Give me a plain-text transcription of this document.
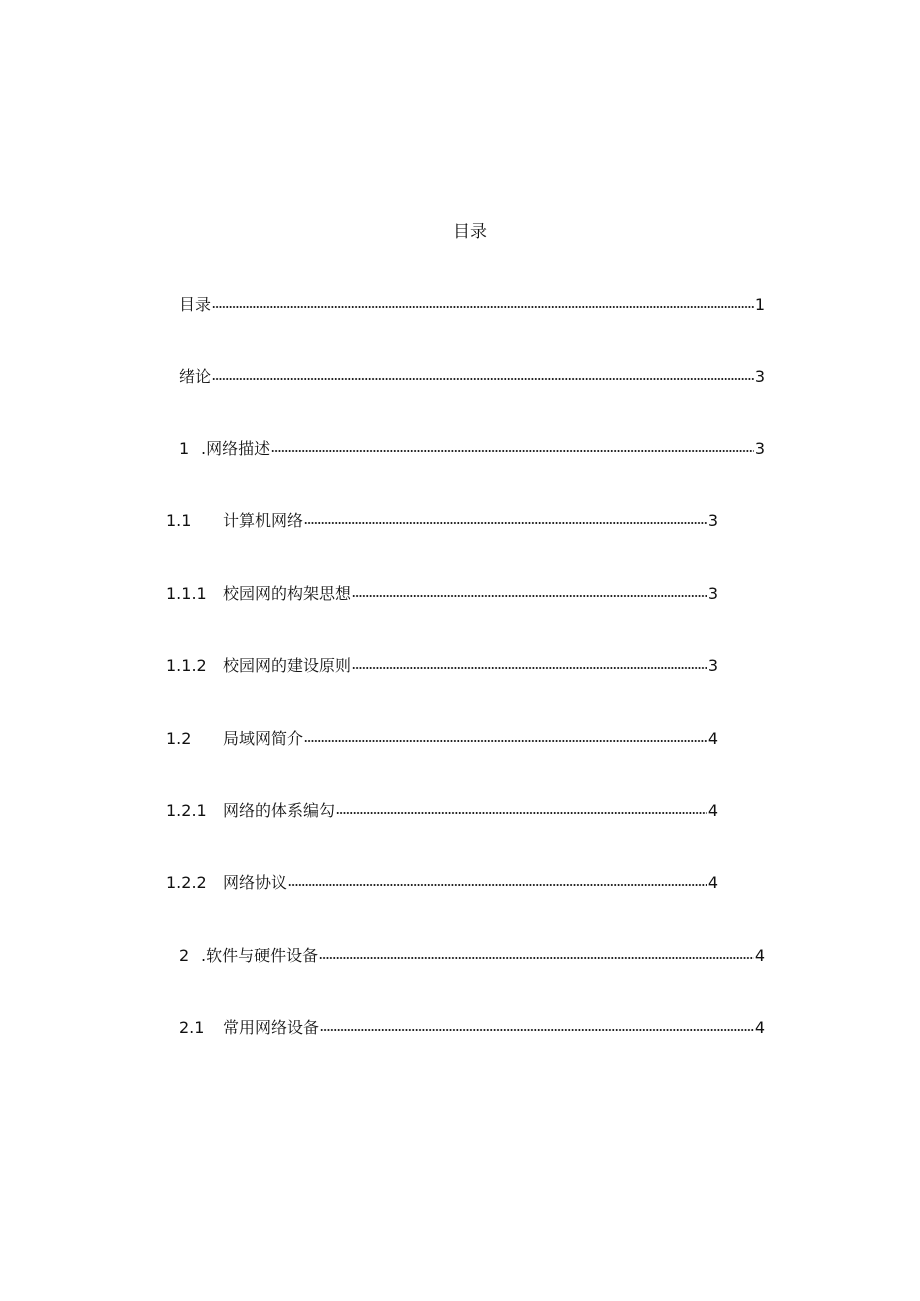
目录
目录	1
绪论	3
1 .网络描述	3
1.1	计算机网络	3
1.1.1	校园网的构架思想	3
1.1.2	校园网的建设原则	3
1.2	局域网简介	4
1.2.1	网络的体系编勾	4
1.2.2	网络协议	4
2 .软件与硬件设备	4
2.1	常用网络设备	4
